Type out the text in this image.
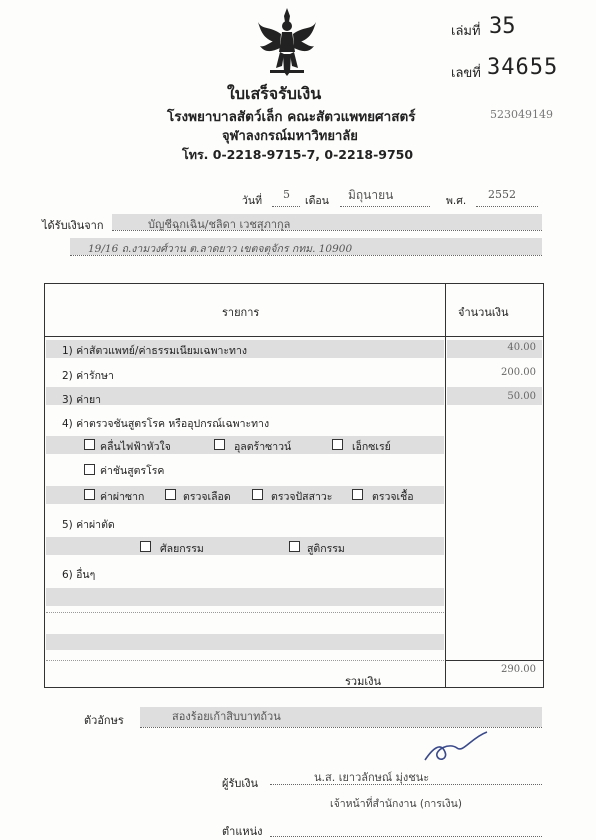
เล่มที่ 35
เลขที่ 34655
523049149
ใบเสร็จรับเงิน
โรงพยาบาลสัตว์เล็ก คณะสัตวแพทยศาสตร์
จุฬาลงกรณ์มหาวิทยาลัย
โทร. 0-2218-9715-7, 0-2218-9750
วันที่ 5 เดือน มิถุนายน	พ.ศ. 2552
ได้รับเงินจาก	บัญชีฉุกเฉิน/ชลิดา เวชสุภากุล
19/16 ถ.งามวงศ์วาน ต.ลาดยาว เขตจตุจักร กทม. 10900
รายการ	จำนวนเงิน
1) ค่าสัตวแพทย์/ค่าธรรมเนียมเฉพาะทาง	40.00
2) ค่ารักษา	200.00
3) ค่ายา	50.00
4) ค่าตรวจชันสูตรโรค หรืออุปกรณ์เฉพาะทาง
คลื่นไฟฟ้าหัวใจ	อุลตร้าซาวน์	เอ็กซเรย์
ค่าชันสูตรโรค
ค่าผ่าซาก	ตรวจเลือด	ตรวจปัสสาวะ	ตรวจเชื้อ
5) ค่าผ่าตัด
ศัลยกรรม	สูติกรรม
6) อื่นๆ
รวมเงิน
290.00
ตัวอักษร	สองร้อยเก้าสิบบาทถ้วน
ผู้รับเงิน	น.ส. เยาวลักษณ์ มุ่งชนะ
เจ้าหน้าที่สำนักงาน (การเงิน)
ตำแหน่ง
